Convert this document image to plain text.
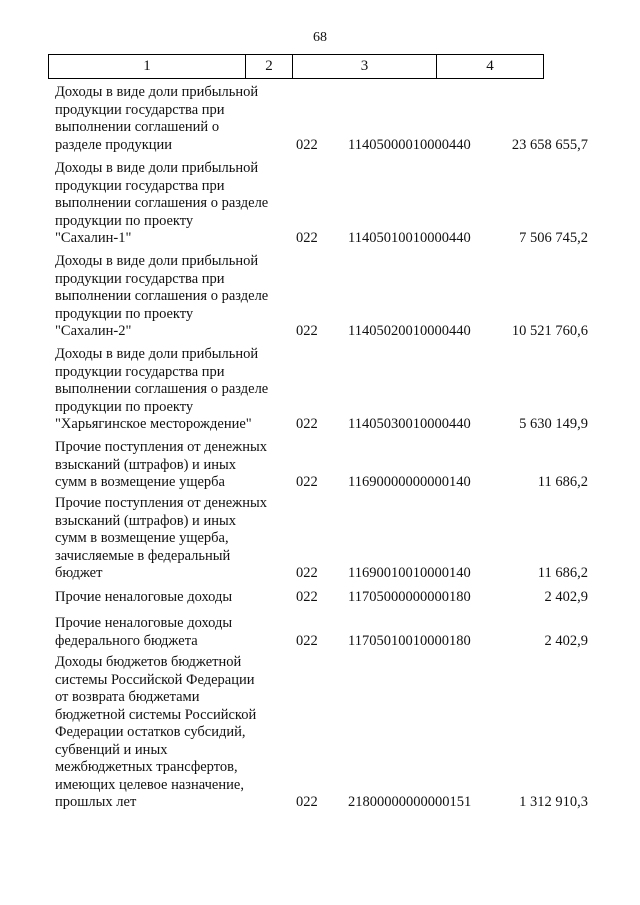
68
1	2	3	4
Доходы в виде доли прибыльной
продукции государства при
выполнении соглашений о
разделе продукции	022	11405000010000440	23 658 655,7
Доходы в виде доли прибыльной
продукции государства при
выполнении соглашения о разделе
продукции по проекту
"Сахалин-1"	022	11405010010000440	7 506 745,2
Доходы в виде доли прибыльной
продукции государства при
выполнении соглашения о разделе
продукции по проекту
"Сахалин-2"	022	11405020010000440	10 521 760,6
Доходы в виде доли прибыльной
продукции государства при
выполнении соглашения о разделе
продукции по проекту
"Харьягинское месторождение"	022	11405030010000440	5 630 149,9
Прочие поступления от денежных
взысканий (штрафов) и иных
сумм в возмещение ущерба	022	11690000000000140	11 686,2
Прочие поступления от денежных
взысканий (штрафов) и иных
сумм в возмещение ущерба,
зачисляемые в федеральный
бюджет	022	11690010010000140	11 686,2
Прочие неналоговые доходы	022	11705000000000180	2 402,9
Прочие неналоговые доходы
федерального бюджета	022	11705010010000180	2 402,9
Доходы бюджетов бюджетной
системы Российской Федерации
от возврата бюджетами
бюджетной системы Российской
Федерации остатков субсидий,
субвенций и иных
межбюджетных трансфертов,
имеющих целевое назначение,
прошлых лет	022	21800000000000151	1 312 910,3
